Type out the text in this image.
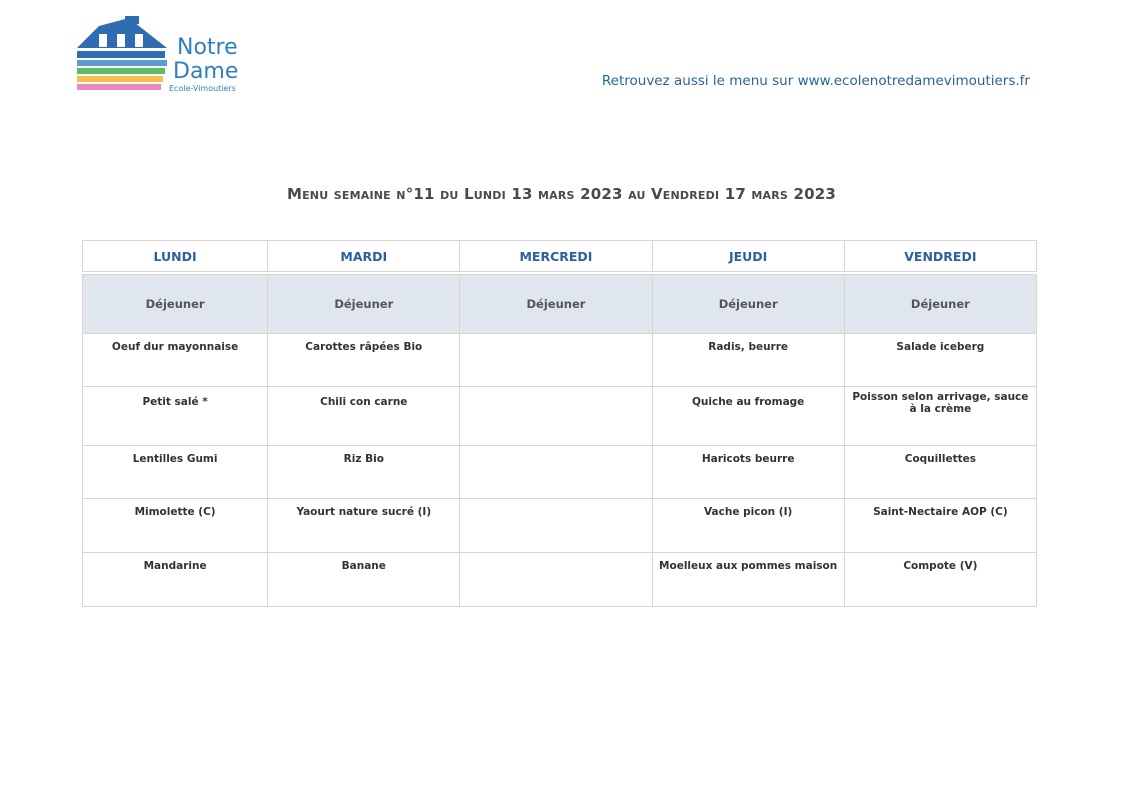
Notre
Dame
Ecole-Vimoutiers	Retrouvez aussi le menu sur www.ecolenotredamevimoutiers.fr
Menu semaine n°11 du Lundi 13 mars 2023 au Vendredi 17 mars 2023
LUNDI	MARDI	MERCREDI	JEUDI	VENDREDI

Déjeuner	Déjeuner	Déjeuner	Déjeuner	Déjeuner
Oeuf dur mayonnaise	Carottes râpées Bio		Radis, beurre	Salade iceberg
Petit salé *	Chili con carne		Quiche au fromage	Poisson selon arrivage, sauce à la crème
Lentilles Gumi	Riz Bio		Haricots beurre	Coquillettes
Mimolette (C)	Yaourt nature sucré (I)		Vache picon (I)	Saint-Nectaire AOP (C)
Mandarine	Banane		Moelleux aux pommes maison	Compote (V)
